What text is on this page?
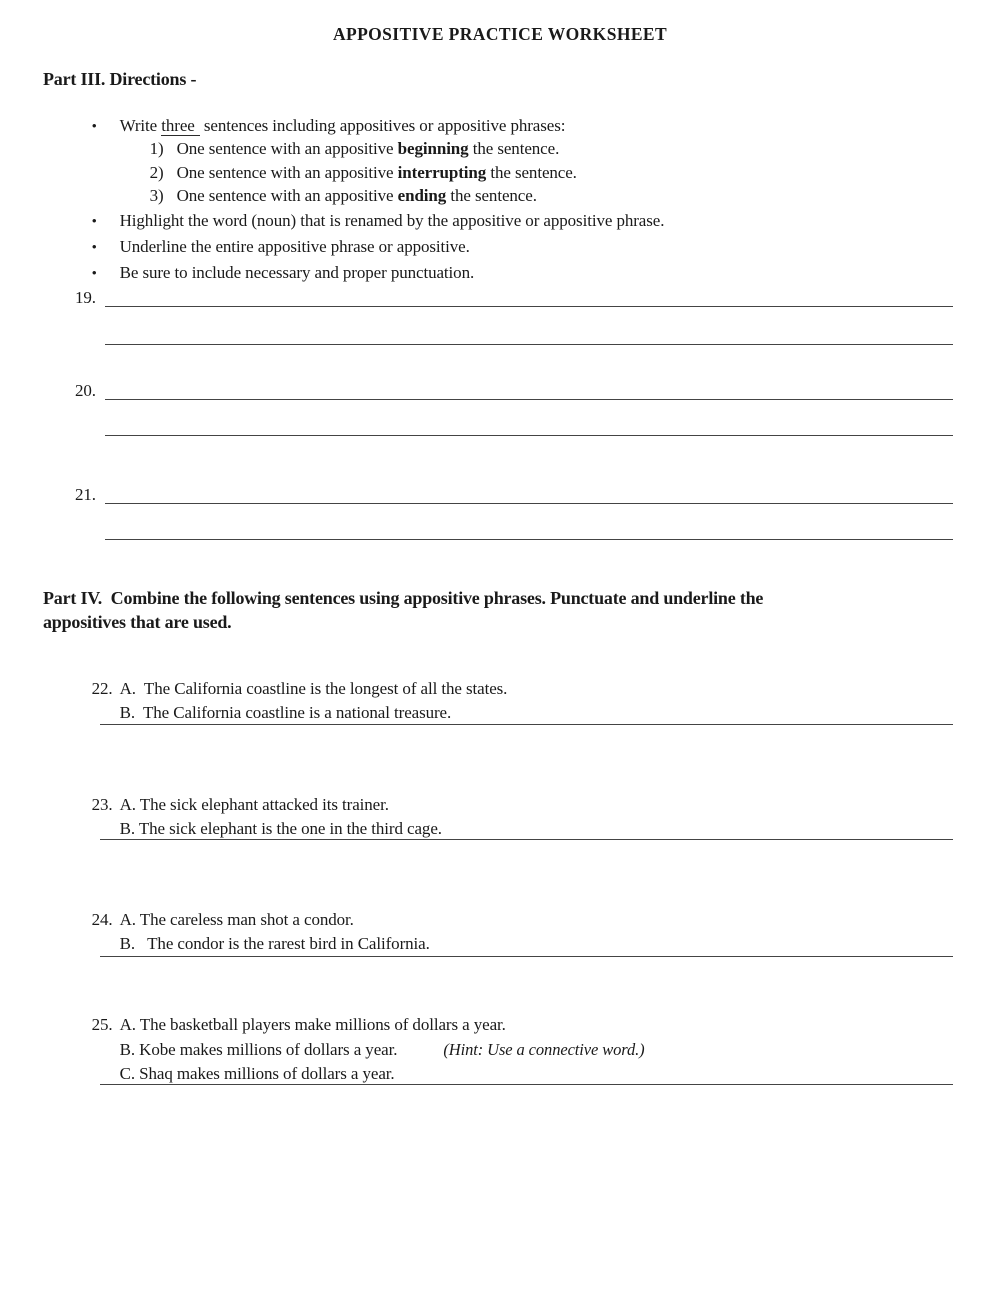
APPOSITIVE PRACTICE WORKSHEET
Part III. Directions -

• Write three sentences including appositives or appositive phrases:

1) One sentence with an appositive beginning the sentence.

2) One sentence with an appositive interrupting the sentence.

3) One sentence with an appositive ending the sentence.

• Highlight the word (noun) that is renamed by the appositive or appositive phrase.

• Underline the entire appositive phrase or appositive.

• Be sure to include necessary and proper punctuation.

19.
20.
21.
Part IV.  Combine the following sentences using appositive phrases. Punctuate and underline the
appositives that are used.

22. A.  The California coastline is the longest of all the states.

B.  The California coastline is a national treasure.

23. A. The sick elephant attacked its trainer.

B. The sick elephant is the one in the third cage.

24. A. The careless man shot a condor.

B.   The condor is the rarest bird in California.

25. A. The basketball players make millions of dollars a year.

B. Kobe makes millions of dollars a year.	(Hint: Use a connective word.)

C. Shaq makes millions of dollars a year.
